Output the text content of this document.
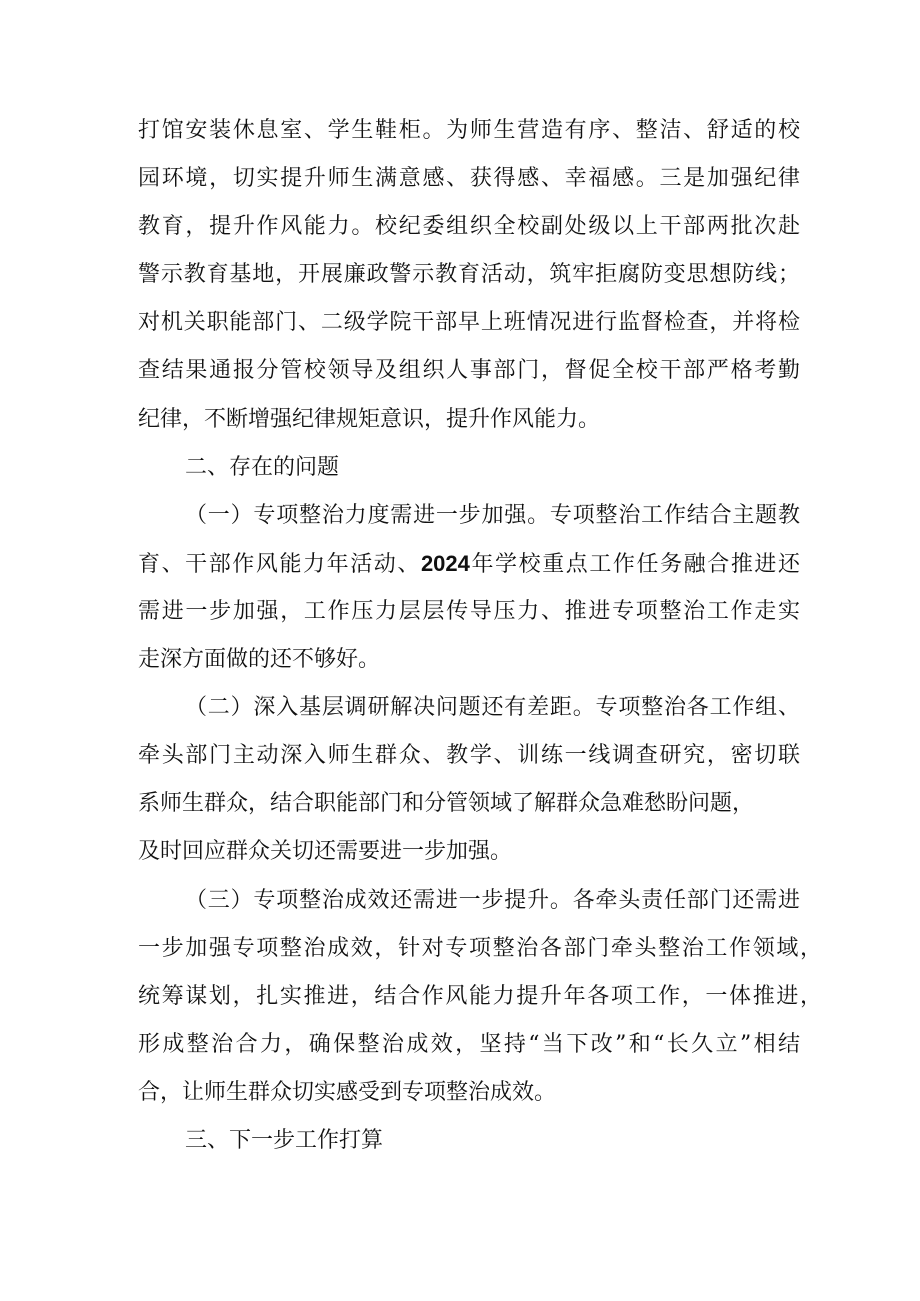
打馆安装休息室、学生鞋柜。为师生营造有序、整洁、舒适的校
园环境，切实提升师生满意感、获得感、幸福感。三是加强纪律
教育，提升作风能力。校纪委组织全校副处级以上干部两批次赴
警示教育基地，开展廉政警示教育活动，筑牢拒腐防变思想防线；
对机关职能部门、二级学院干部早上班情况进行监督检查，并将检
查结果通报分管校领导及组织人事部门，督促全校干部严格考勤
纪律，不断增强纪律规矩意识，提升作风能力。
二、存在的问题
（一）专项整治力度需进一步加强。专项整治工作结合主题教
育、干部作风能力年活动、2024年学校重点工作任务融合推进还
需进一步加强，工作压力层层传导压力、推进专项整治工作走实
走深方面做的还不够好。
（二）深入基层调研解决问题还有差距。专项整治各工作组、
牵头部门主动深入师生群众、教学、训练一线调查研究，密切联
系师生群众，结合职能部门和分管领域了解群众急难愁盼问题，
及时回应群众关切还需要进一步加强。
（三）专项整治成效还需进一步提升。各牵头责任部门还需进
一步加强专项整治成效，针对专项整治各部门牵头整治工作领域，
统筹谋划，扎实推进，结合作风能力提升年各项工作，一体推进，
形成整治合力，确保整治成效，坚持“当下改”和“长久立”相结
合，让师生群众切实感受到专项整治成效。
三、下一步工作打算
